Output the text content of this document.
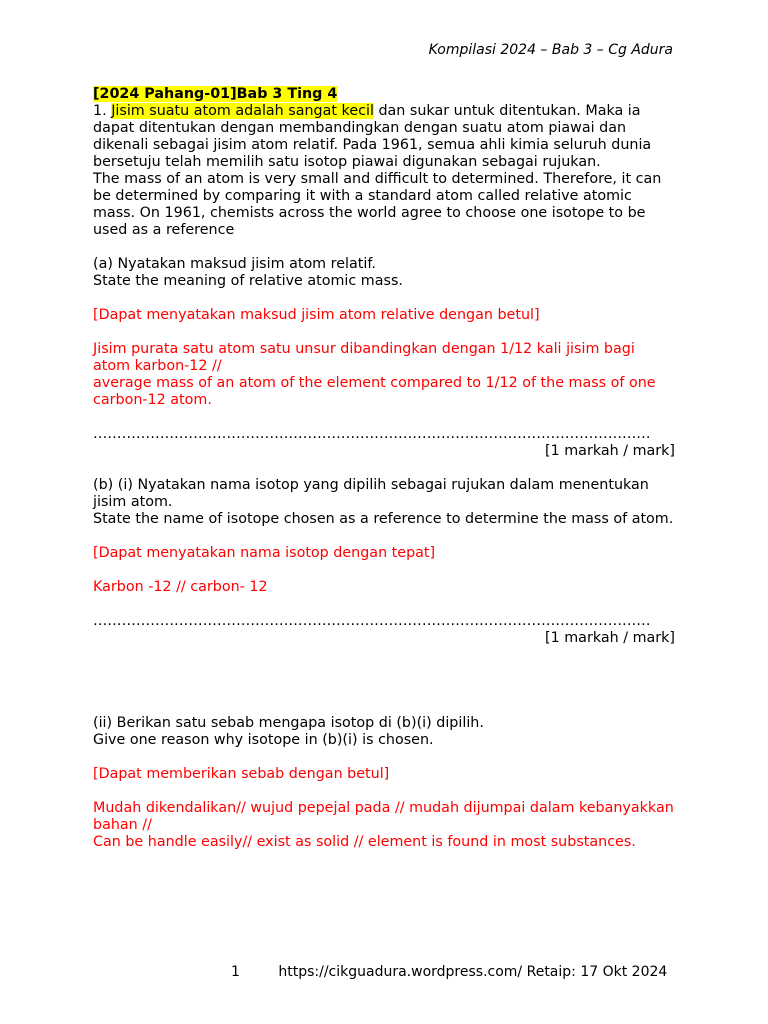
Kompilasi 2024 – Bab 3 – Cg Adura

[2024 Pahang-01]Bab 3 Ting 4

1. Jisim suatu atom adalah sangat kecil dan sukar untuk ditentukan. Maka ia dapat ditentukan dengan membandingkan dengan suatu atom piawai dan dikenali sebagai jisim atom relatif. Pada 1961, semua ahli kimia seluruh dunia bersetuju telah memilih satu isotop piawai digunakan sebagai rujukan.

The mass of an atom is very small and difficult to determined. Therefore, it can be determined by comparing it with a standard atom called relative atomic mass. On 1961, chemists across the world agree to choose one isotope to be used as a reference

(a) Nyatakan maksud jisim atom relatif.

State the meaning of relative atomic mass.

[Dapat menyatakan maksud jisim atom relative dengan betul]

Jisim purata satu atom satu unsur dibandingkan dengan 1/12 kali jisim bagi atom karbon-12 //

average mass of an atom of the element compared to 1/12 of the mass of one carbon-12 atom.

………………………………………………………………………………………………………

[1 markah / mark]

(b) (i) Nyatakan nama isotop yang dipilih sebagai rujukan dalam menentukan jisim atom.

State the name of isotope chosen as a reference to determine the mass of atom.

[Dapat menyatakan nama isotop dengan tepat]

Karbon -12 // carbon- 12

………………………………………………………………………………………………………

[1 markah / mark]

(ii) Berikan satu sebab mengapa isotop di (b)(i) dipilih.

Give one reason why isotope in (b)(i) is chosen.

[Dapat memberikan sebab dengan betul]

Mudah dikendalikan// wujud pepejal pada // mudah dijumpai dalam kebanyakkan bahan //

Can be handle easily// exist as solid // element is found in most substances.

1	https://cikguadura.wordpress.com/ Retaip: 17 Okt 2024
